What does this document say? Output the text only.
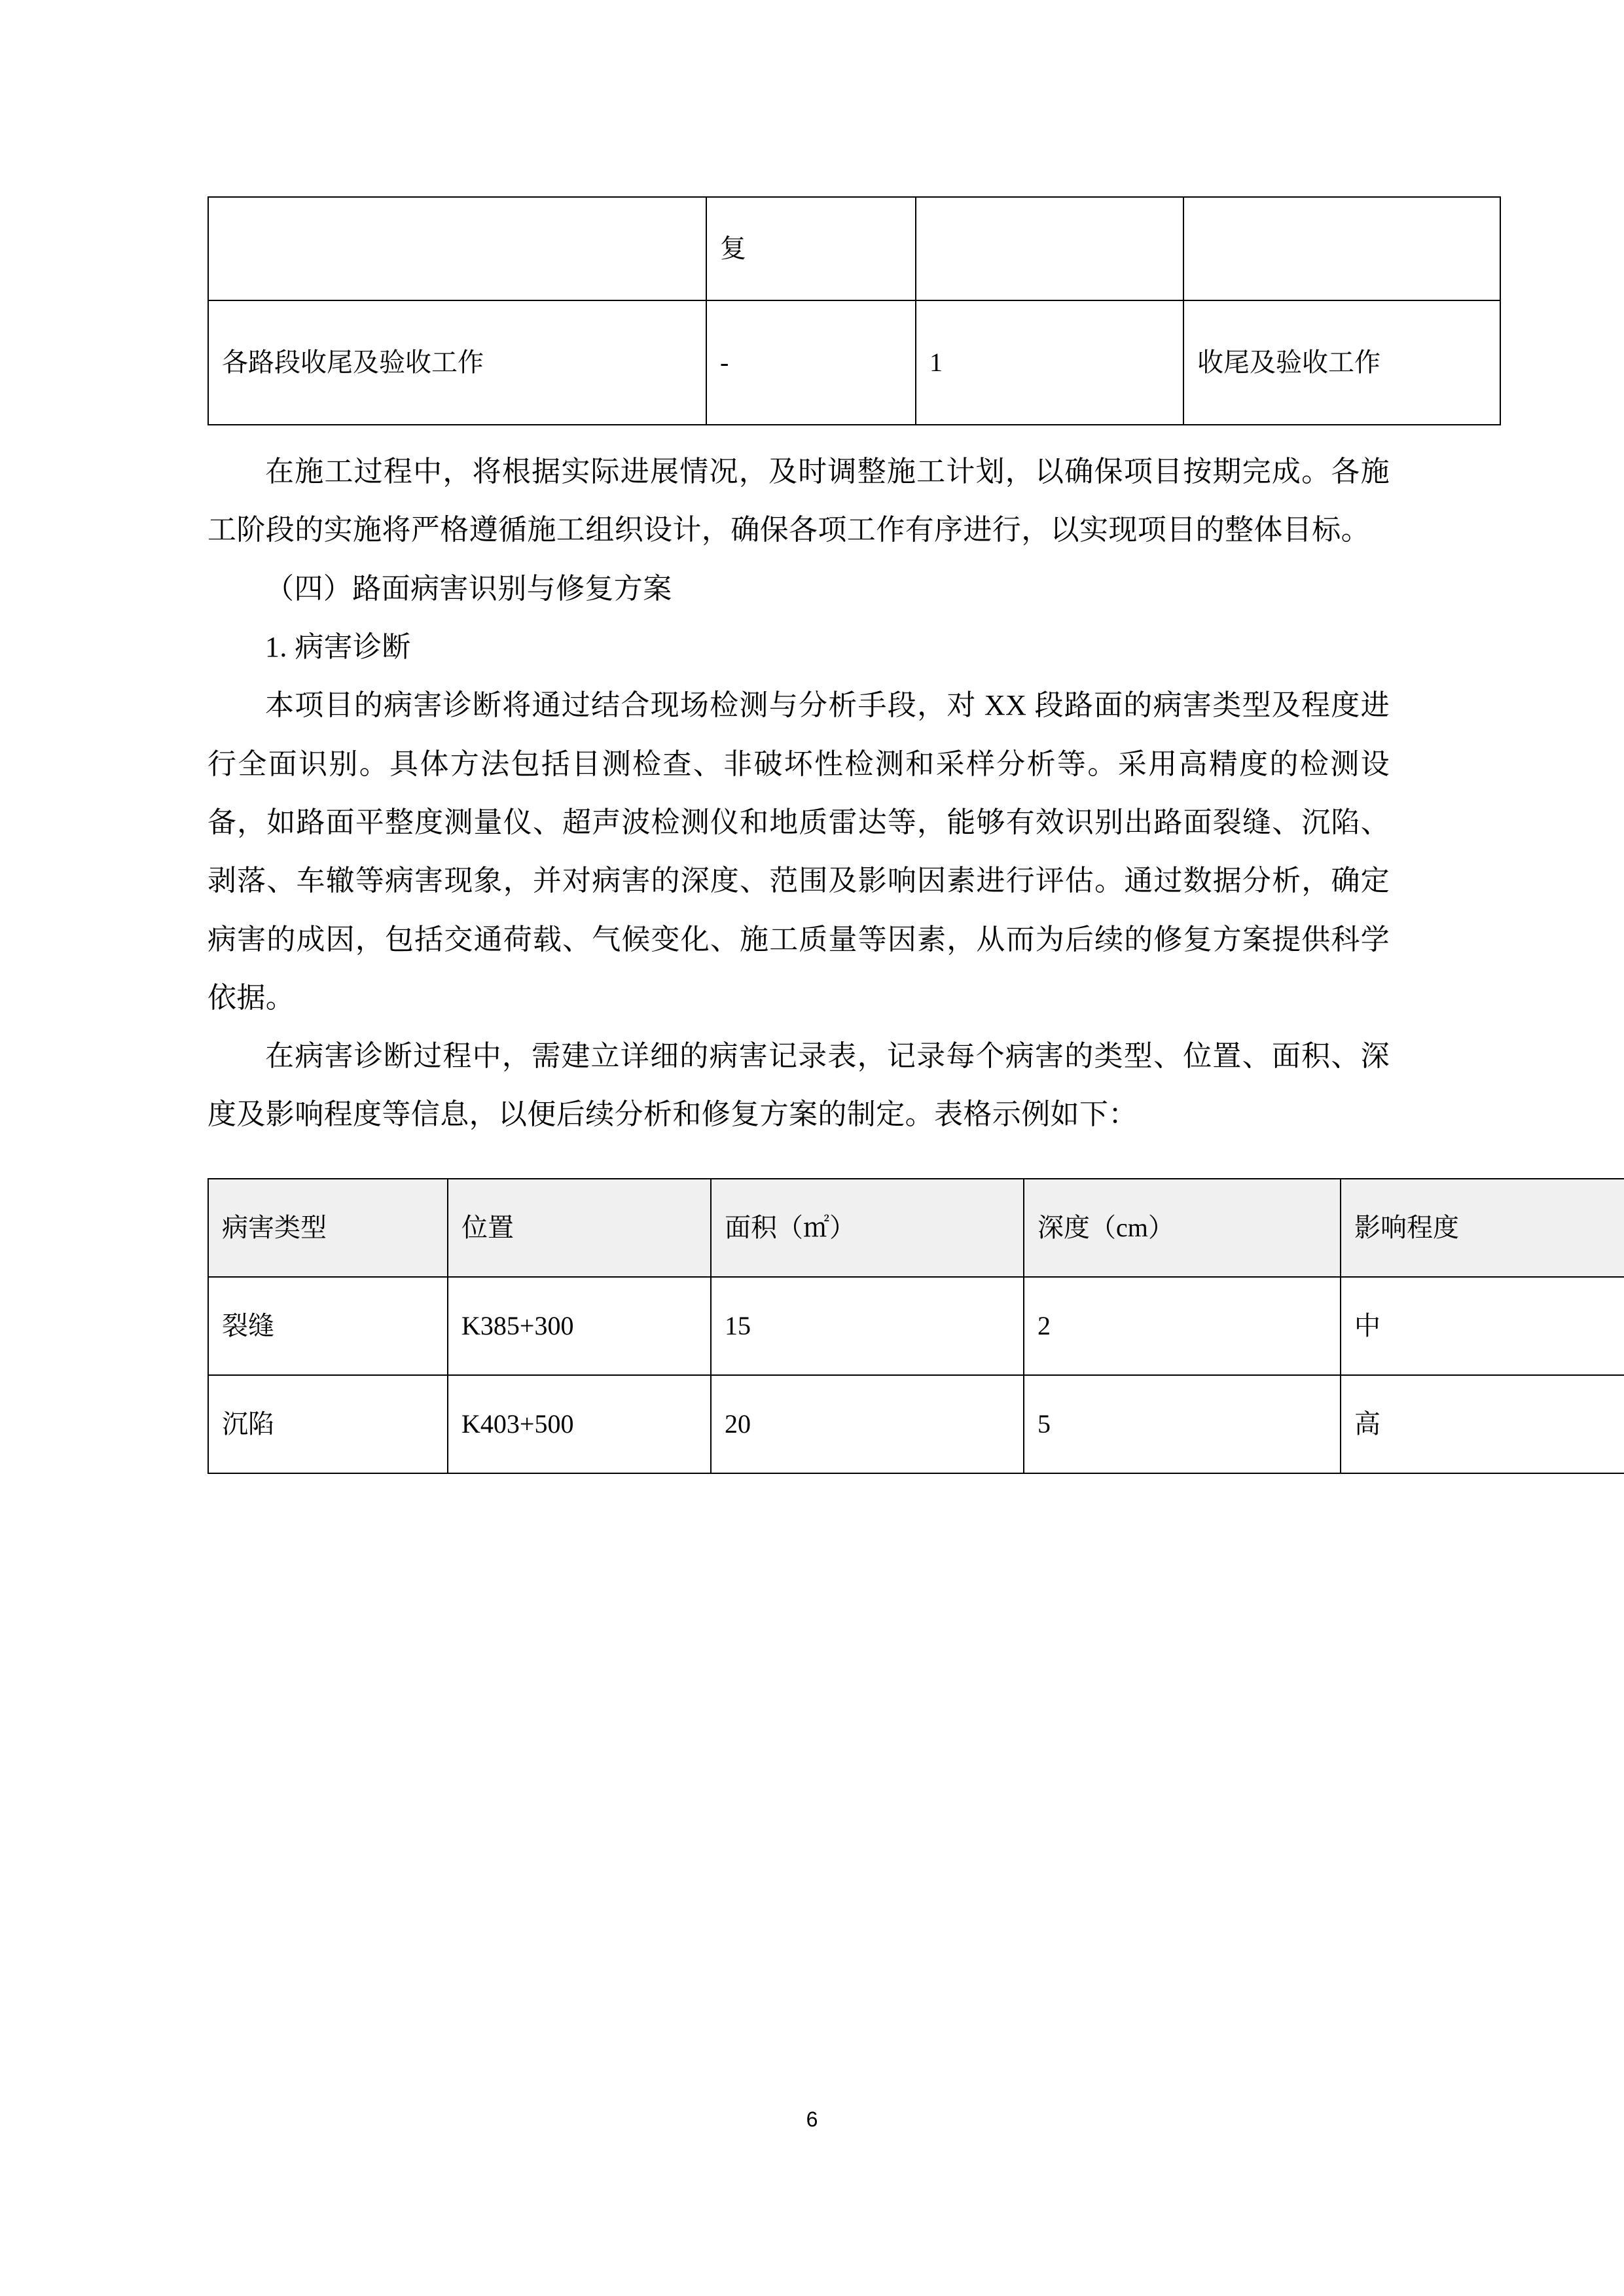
	复		
各路段收尾及验收工作	-	1	收尾及验收工作

在施工过程中，将根据实际进展情况，及时调整施工计划，以确保项目按期完成。各施工阶段的实施将严格遵循施工组织设计，确保各项工作有序进行，以实现项目的整体目标。

（四）路面病害识别与修复方案

1. 病害诊断

本项目的病害诊断将通过结合现场检测与分析手段，对 XX 段路面的病害类型及程度进行全面识别。具体方法包括目测检查、非破坏性检测和采样分析等。采用高精度的检测设备，如路面平整度测量仪、超声波检测仪和地质雷达等，能够有效识别出路面裂缝、沉陷、剥落、车辙等病害现象，并对病害的深度、范围及影响因素进行评估。通过数据分析，确定病害的成因，包括交通荷载、气候变化、施工质量等因素，从而为后续的修复方案提供科学依据。

在病害诊断过程中，需建立详细的病害记录表，记录每个病害的类型、位置、面积、深度及影响程度等信息，以便后续分析和修复方案的制定。表格示例如下：

病害类型	位置	面积（㎡）	深度（cm）	影响程度
裂缝	K385+300	15	2	中
沉陷	K403+500	20	5	高
6
